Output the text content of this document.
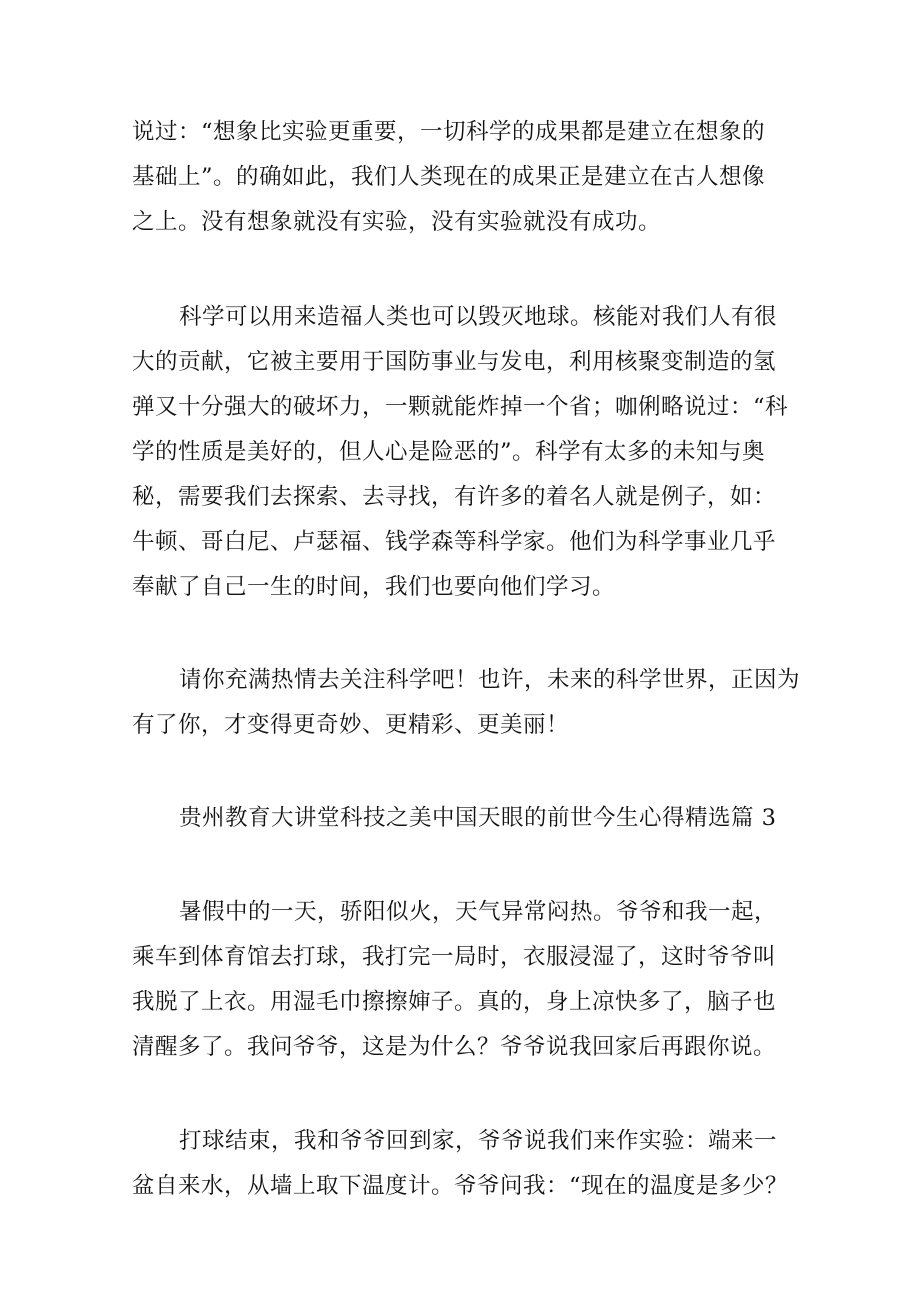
说过：“想象比实验更重要，一切科学的成果都是建立在想象的
基础上”。的确如此，我们人类现在的成果正是建立在古人想像
之上。没有想象就没有实验，没有实验就没有成功。
科学可以用来造福人类也可以毁灭地球。核能对我们人有很
大的贡献，它被主要用于国防事业与发电，利用核聚变制造的氢
弹又十分强大的破坏力，一颗就能炸掉一个省；咖俐略说过：“科
学的性质是美好的，但人心是险恶的”。科学有太多的未知与奥
秘，需要我们去探索、去寻找，有许多的着名人就是例子，如：
牛顿、哥白尼、卢瑟福、钱学森等科学家。他们为科学事业几乎
奉献了自己一生的时间，我们也要向他们学习。
请你充满热情去关注科学吧！也许，未来的科学世界，正因为
有了你，才变得更奇妙、更精彩、更美丽！
贵州教育大讲堂科技之美中国天眼的前世今生心得精选篇 3
暑假中的一天，骄阳似火，天气异常闷热。爷爷和我一起，
乘车到体育馆去打球，我打完一局时，衣服浸湿了，这时爷爷叫
我脱了上衣。用湿毛巾擦擦婶子。真的，身上凉快多了，脑子也
清醒多了。我问爷爷，这是为什么？爷爷说我回家后再跟你说。
打球结束，我和爷爷回到家，爷爷说我们来作实验：端来一
盆自来水，从墙上取下温度计。爷爷问我：“现在的温度是多少？
